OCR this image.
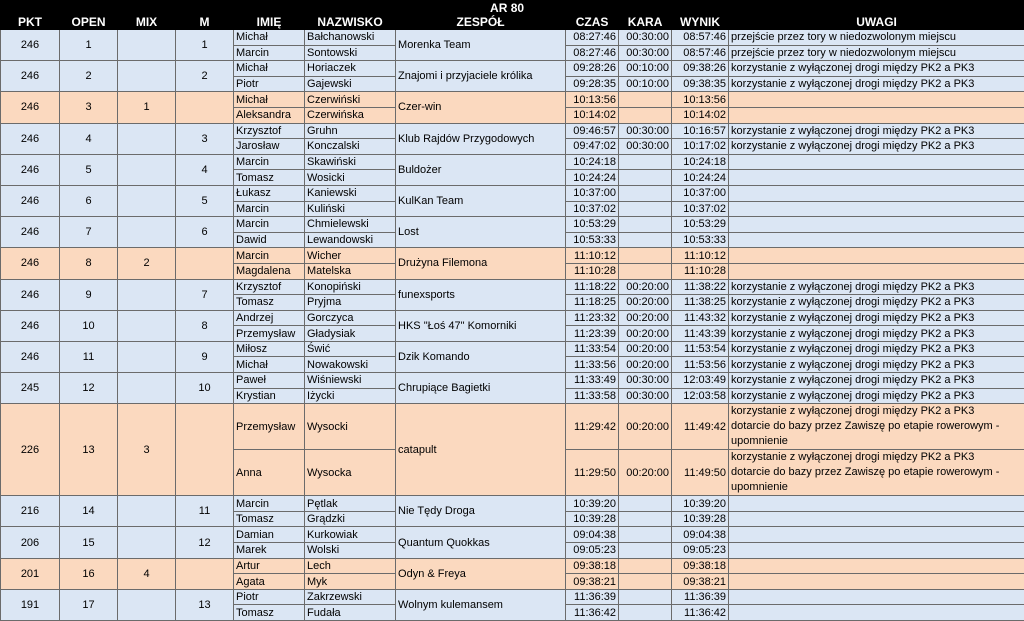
						AR 80				
PKT	OPEN	MIX	M	IMIĘ	NAZWISKO	ZESPÓŁ	CZAS	KARA	WYNIK	UWAGI
246	1		1	Michał	Bałchanowski	Morenka Team	08:27:46	00:30:00	08:57:46	przejście przez tory w niedozwolonym miejscu

				Marcin	Sontowski		08:27:46	00:30:00	08:57:46	przejście przez tory w niedozwolonym miejscu

246	2		2	Michał	Horiaczek	Znajomi i przyjaciele królika	09:28:26	00:10:00	09:38:26	korzystanie z wyłączonej drogi między PK2 a PK3

				Piotr	Gajewski		09:28:35	00:10:00	09:38:35	korzystanie z wyłączonej drogi między PK2 a PK3

246	3	1		Michał	Czerwiński	Czer-win	10:13:56		10:13:56	
				Aleksandra	Czerwińska		10:14:02		10:14:02	
246	4		3	Krzysztof	Gruhn	Klub Rajdów Przygodowych	09:46:57	00:30:00	10:16:57	korzystanie z wyłączonej drogi między PK2 a PK3

				Jarosław	Konczalski		09:47:02	00:30:00	10:17:02	korzystanie z wyłączonej drogi między PK2 a PK3

246	5		4	Marcin	Skawiński	Buldożer	10:24:18		10:24:18	
				Tomasz	Wosicki		10:24:24		10:24:24	
246	6		5	Łukasz	Kaniewski	KulKan Team	10:37:00		10:37:00	
				Marcin	Kuliński		10:37:02		10:37:02	
246	7		6	Marcin	Chmielewski	Lost	10:53:29		10:53:29	
				Dawid	Lewandowski		10:53:33		10:53:33	
246	8	2		Marcin	Wicher	Drużyna Filemona	11:10:12		11:10:12	
				Magdalena	Matelska		11:10:28		11:10:28	
246	9		7	Krzysztof	Konopiński	funexsports	11:18:22	00:20:00	11:38:22	korzystanie z wyłączonej drogi między PK2 a PK3

				Tomasz	Pryjma		11:18:25	00:20:00	11:38:25	korzystanie z wyłączonej drogi między PK2 a PK3

246	10		8	Andrzej	Gorczyca	HKS "Łoś 47" Komorniki	11:23:32	00:20:00	11:43:32	korzystanie z wyłączonej drogi między PK2 a PK3

				Przemysław	Gładysiak		11:23:39	00:20:00	11:43:39	korzystanie z wyłączonej drogi między PK2 a PK3

246	11		9	Miłosz	Świć	Dzik Komando	11:33:54	00:20:00	11:53:54	korzystanie z wyłączonej drogi między PK2 a PK3

				Michał	Nowakowski		11:33:56	00:20:00	11:53:56	korzystanie z wyłączonej drogi między PK2 a PK3

245	12		10	Paweł	Wiśniewski	Chrupiące Bagietki	11:33:49	00:30:00	12:03:49	korzystanie z wyłączonej drogi między PK2 a PK3

				Krystian	Iżycki		11:33:58	00:30:00	12:03:58	korzystanie z wyłączonej drogi między PK2 a PK3

226	13	3		Przemysław	Wysocki	catapult	11:29:42	00:20:00	11:49:42	korzystanie z wyłączonej drogi między PK2 a PK3
dotarcie do bazy przez Zawiszę po etapie rowerowym - upomnienie

				Anna	Wysocka		11:29:50	00:20:00	11:49:50	korzystanie z wyłączonej drogi między PK2 a PK3
dotarcie do bazy przez Zawiszę po etapie rowerowym - upomnienie

216	14		11	Marcin	Pętlak	Nie Tędy Droga	10:39:20		10:39:20	
				Tomasz	Grądzki		10:39:28		10:39:28	
206	15		12	Damian	Kurkowiak	Quantum Quokkas	09:04:38		09:04:38	
				Marek	Wolski		09:05:23		09:05:23	
201	16	4		Artur	Lech	Odyn & Freya	09:38:18		09:38:18	
				Agata	Myk		09:38:21		09:38:21	
191	17		13	Piotr	Zakrzewski	Wolnym kulemansem	11:36:39		11:36:39	
				Tomasz	Fudała		11:36:42		11:36:42	
